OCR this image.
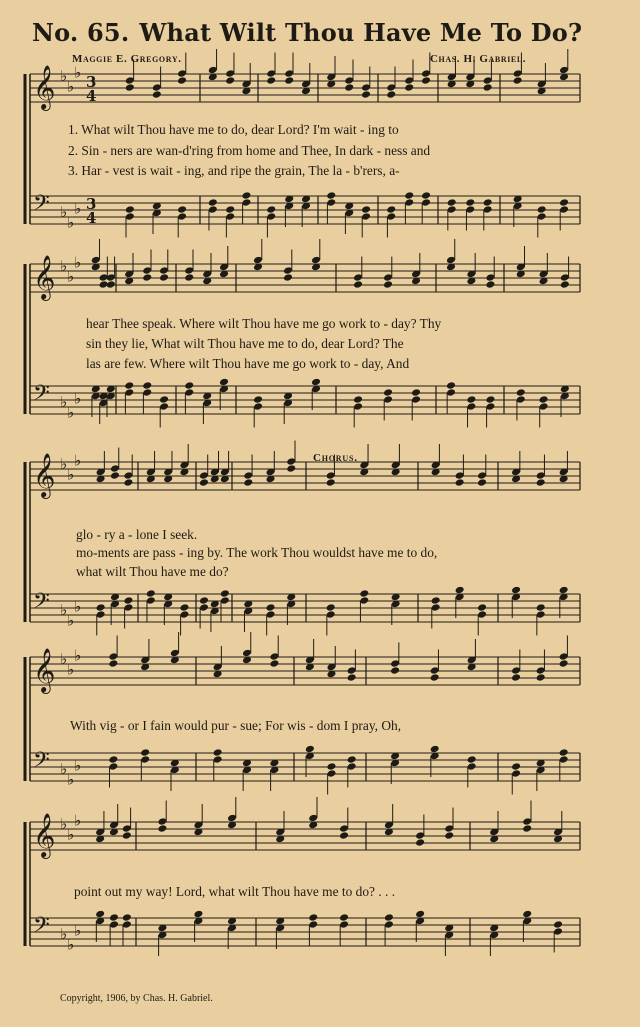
No. 65. What Wilt Thou Have Me To Do?
Maggie E. Gregory.	Chas. H. Gabriel.
𝄞 ♭
♭
♭
3
4
𝄢 ♭
♭
♭ 3
4
𝄞 ♭
♭
♭
𝄢 ♭
♭
♭
𝄞 ♭
♭
♭
𝄢 ♭
♭
♭
𝄞 ♭
♭
♭
𝄢 ♭
♭
♭
𝄞 ♭
♭
♭
𝄢 ♭
♭
♭
1. What wilt Thou have me to do, dear Lord? I'm wait - ing to
2. Sin - ners are wan-d'ring from home and Thee, In dark - ness and
3. Har - vest is wait - ing, and ripe the grain, The la - b'rers, a-
hear Thee speak. Where wilt Thou have me go work to - day? Thy
sin they lie, What wilt Thou have me to do, dear Lord? The
las are few. Where wilt Thou have me go work to - day, And
Chorus.
glo - ry a - lone I seek.
mo-ments are pass - ing by. The work Thou wouldst have me to do,
what wilt Thou have me do?
With vig - or I fain would pur - sue; For wis - dom I pray, Oh,
point out my way! Lord, what wilt Thou have me to do? . . .
Copyright, 1906, by Chas. H. Gabriel.
